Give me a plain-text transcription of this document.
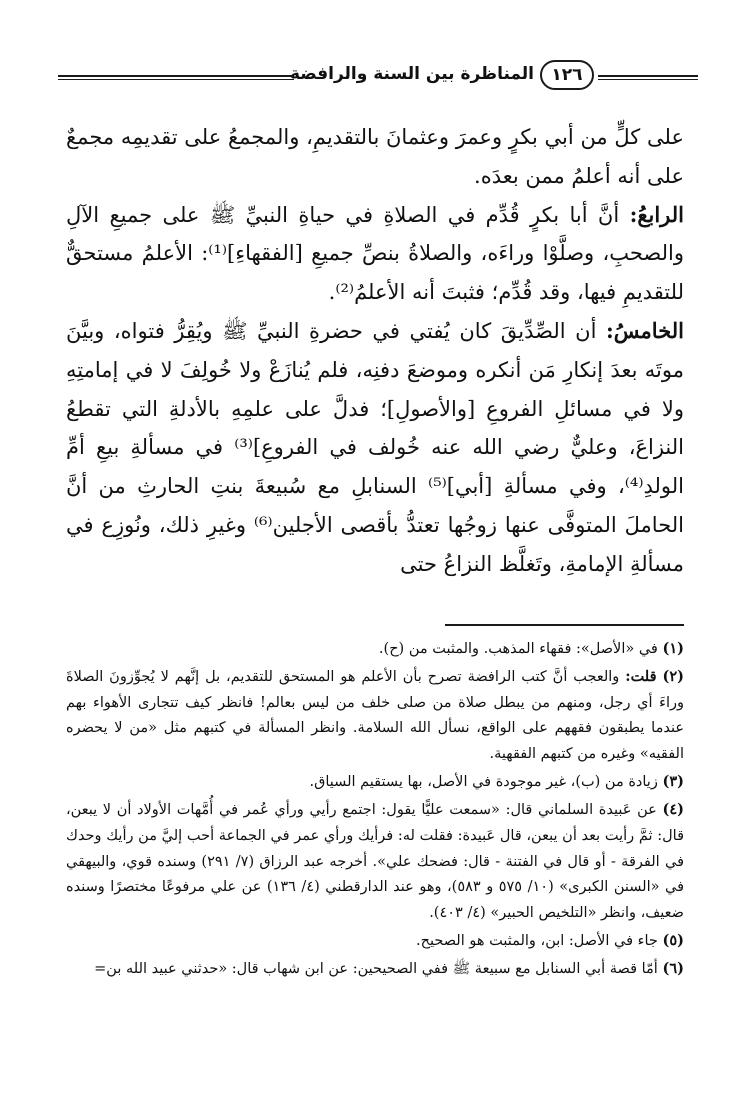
المناظرة بين السنة والرافضة	١٢٦

على كلٍّ من أبي بكرٍ وعمرَ وعثمانَ بالتقديمِ، والمجمعُ على تقديمِه مجمعٌ على أنه أعلمُ ممن بعدَه.

الرابعُ: أنَّ أبا بكرٍ قُدِّم في الصلاةِ في حياةِ النبيِّ ﷺ على جميعِ الآلِ والصحبِ، وصلَّوْا وراءَه، والصلاةُ بنصِّ جميعِ [الفقهاءِ]⁽¹⁾: الأعلمُ مستحقٌّ للتقديمِ فيها، وقد قُدِّم؛ فثبتَ أنه الأعلمُ⁽²⁾.

الخامسُ: أن الصِّدِّيقَ كان يُفتي في حضرةِ النبيِّ ﷺ ويُقِرُّ فتواه، وبيَّنَ موتَه بعدَ إنكارِ مَن أنكره وموضعَ دفنِه، فلم يُنازَعْ ولا خُولِفَ لا في إمامتِهِ ولا في مسائلِ الفروعِ [والأصولِ]؛ فدلَّ على علمِهِ بالأدلةِ التي تقطعُ النزاعَ، وعليٌّ رضي الله عنه خُولف في الفروعِ]⁽³⁾ في مسألةِ بيعِ أمِّ الولدِ⁽⁴⁾، وفي مسألةِ [أبي]⁽⁵⁾ السنابلِ مع سُبيعةَ بنتِ الحارثِ من أنَّ الحاملَ المتوفَّى عنها زوجُها تعتدُّ بأقصى الأجلين⁽⁶⁾ وغيرِ ذلك، ونُوزِع في مسألةِ الإمامةِ، وتَغلَّظ النزاعُ حتى

(١) في «الأصل»: فقهاء المذهب. والمثبت من (ح).

(٢) قلت: والعجب أنَّ كتب الرافضة تصرح بأن الأعلم هو المستحق للتقديم، بل إنَّهم لا يُجوِّزونَ الصلاةَ وراءَ أي رجل، ومنهم من يبطل صلاة من صلى خلف من ليس بعالم! فانظر كيف تتجارى الأهواء بهم عندما يطبقون فقههم على الواقع، نسأل الله السلامة. وانظر المسألة في كتبهم مثل «من لا يحضره الفقيه» وغيره من كتبهم الفقهية.

(٣) زيادة من (ب)، غير موجودة في الأصل، بها يستقيم السياق.

(٤) عن عَبيدة السلماني قال: «سمعت عليًّا يقول: اجتمع رأيي ورأي عُمر في أُمَّهات الأولاد أن لا يبعن، قال: ثمَّ رأيت بعد أن يبعن، قال عَبيدة: فقلت له: فرأيك ورأي عمر في الجماعة أحب إليَّ من رأيك وحدك في الفرقة - أو قال في الفتنة - قال: فضحك علي». أخرجه عبد الرزاق (٧/ ٢٩١) وسنده قوي، والبيهقي في «السنن الكبرى» (١٠/ ٥٧٥ و ٥٨٣)، وهو عند الدارقطني (٤/ ١٣٦) عن علي مرفوعًا مختصرًا وسنده ضعيف، وانظر «التلخيص الحبير» (٤/ ٤٠٣).

(٥) جاء في الأصل: ابن، والمثبت هو الصحيح.

(٦) أمّا قصة أبي السنابل مع سبيعة ﷺ ففي الصحيحين: عن ابن شهاب قال: «حدثني عبيد الله بن=
